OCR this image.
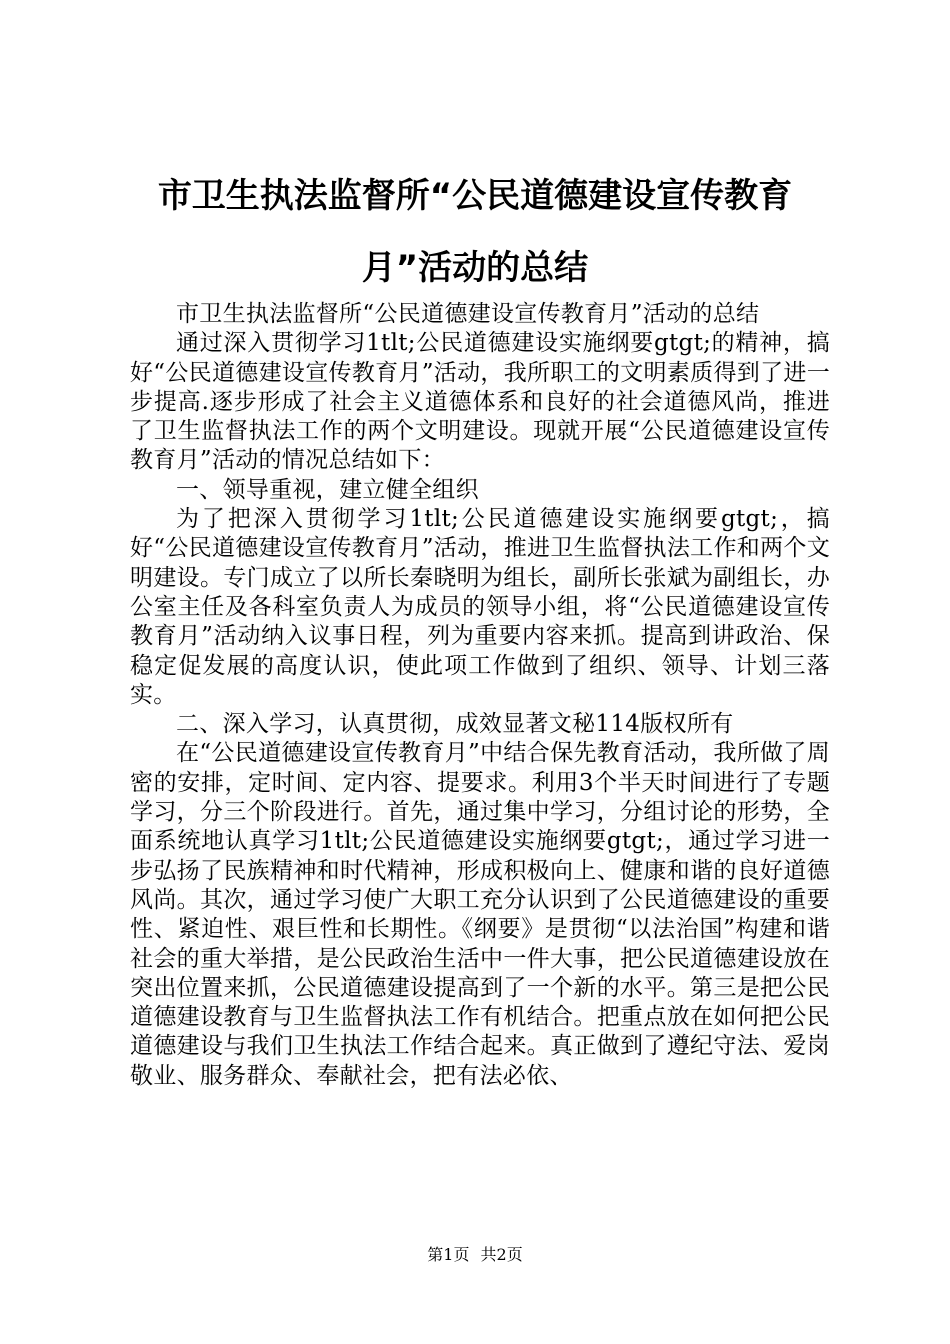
市卫生执法监督所“公民道德建设宣传教育月”活动的总结

市卫生执法监督所“公民道德建设宣传教育月”活动的总结

通过深入贯彻学习1tlt;公民道德建设实施纲要gtgt;的精神，搞好“公民道德建设宣传教育月”活动，我所职工的文明素质得到了进一步提高.逐步形成了社会主义道德体系和良好的社会道德风尚，推进了卫生监督执法工作的两个文明建设。现就开展“公民道德建设宣传教育月”活动的情况总结如下：

一、领导重视，建立健全组织

为了把深入贯彻学习1tlt;公民道德建设实施纲要gtgt;，搞好“公民道德建设宣传教育月”活动，推进卫生监督执法工作和两个文明建设。专门成立了以所长秦晓明为组长，副所长张斌为副组长，办公室主任及各科室负责人为成员的领导小组，将“公民道德建设宣传教育月”活动纳入议事日程，列为重要内容来抓。提高到讲政治、保稳定促发展的高度认识，使此项工作做到了组织、领导、计划三落实。

二、深入学习，认真贯彻，成效显著文秘114版权所有

在“公民道德建设宣传教育月”中结合保先教育活动，我所做了周密的安排，定时间、定内容、提要求。利用3个半天时间进行了专题学习，分三个阶段进行。首先，通过集中学习，分组讨论的形势，全面系统地认真学习1tlt;公民道德建设实施纲要gtgt;，通过学习进一步弘扬了民族精神和时代精神，形成积极向上、健康和谐的良好道德风尚。其次，通过学习使广大职工充分认识到了公民道德建设的重要性、紧迫性、艰巨性和长期性。《纲要》是贯彻“以法治国”构建和谐社会的重大举措，是公民政治生活中一件大事，把公民道德建设放在突出位置来抓，公民道德建设提高到了一个新的水平。第三是把公民道德建设教育与卫生监督执法工作有机结合。把重点放在如何把公民道德建设与我们卫生执法工作结合起来。真正做到了遵纪守法、爱岗敬业、服务群众、奉献社会，把有法必依、

第1页 共2页
